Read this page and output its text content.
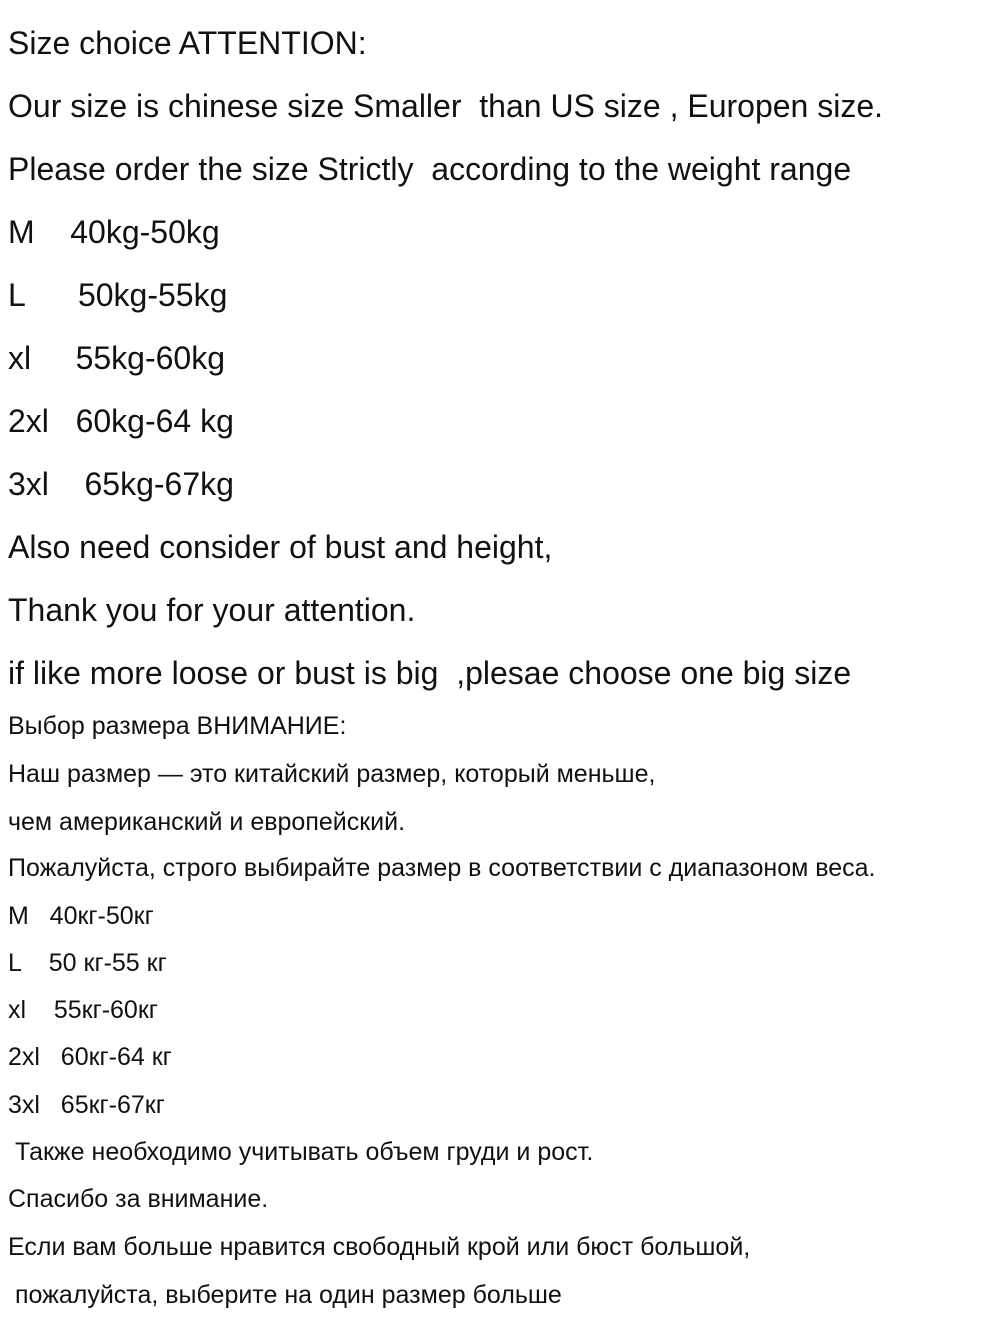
Size choice ATTENTION:
Our size is chinese size Smaller  than US size , Europen size.
Please order the size Strictly  according to the weight range
M    40kg-50kg
L      50kg-55kg
xl     55kg-60kg
2xl   60kg-64 kg
3xl    65kg-67kg
Also need consider of bust and height,
Thank you for your attention.
if like more loose or bust is big  ,plesae choose one big size
Выбор размера ВНИМАНИЕ:
Наш размер — это китайский размер, который меньше,
чем американский и европейский.
Пожалуйста, строго выбирайте размер в соответствии с диапазоном веса.
M   40кг-50кг
L    50 кг-55 кг
xl    55кг-60кг
2xl   60кг-64 кг
3xl   65кг-67кг
Также необходимо учитывать объем груди и рост.
Спасибо за внимание.
Если вам больше нравится свободный крой или бюст большой,
пожалуйста, выберите на один размер больше
